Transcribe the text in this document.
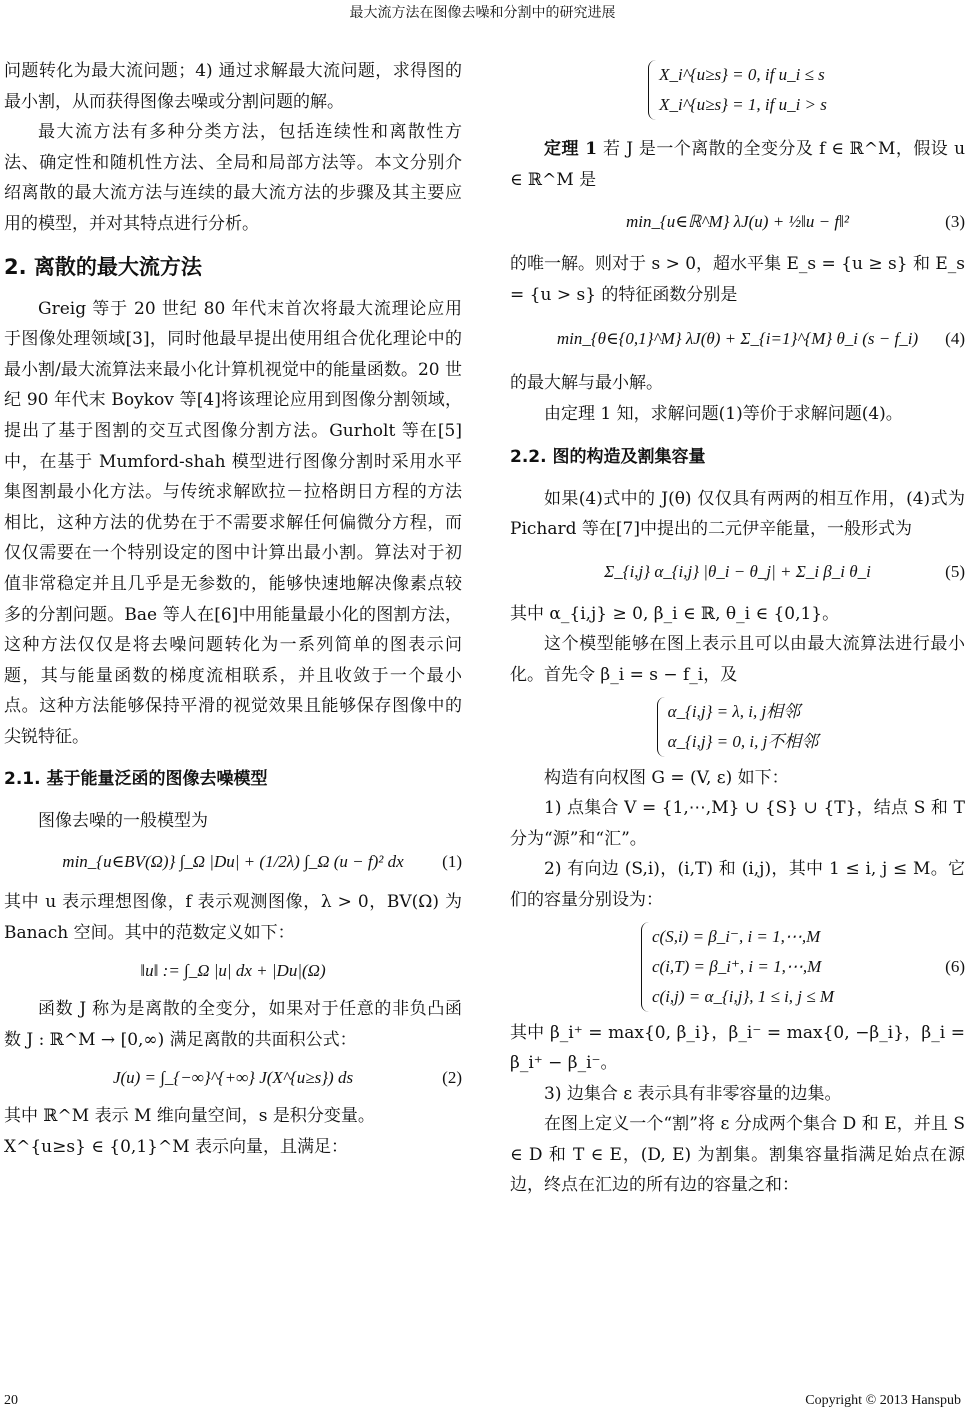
最大流方法在图像去噪和分割中的研究进展

问题转化为最大流问题；4) 通过求解最大流问题，求得图的最小割，从而获得图像去噪或分割问题的解。

最大流方法有多种分类方法，包括连续性和离散性方法、确定性和随机性方法、全局和局部方法等。本文分别介绍离散的最大流方法与连续的最大流方法的步骤及其主要应用的模型，并对其特点进行分析。

2. 离散的最大流方法

Greig 等于 20 世纪 80 年代末首次将最大流理论应用于图像处理领域[3]，同时他最早提出使用组合优化理论中的最小割/最大流算法来最小化计算机视觉中的能量函数。20 世纪 90 年代末 Boykov 等[4]将该理论应用到图像分割领域，提出了基于图割的交互式图像分割方法。Gurholt 等在[5]中，在基于 Mumford-shah 模型进行图像分割时采用水平集图割最小化方法。与传统求解欧拉－拉格朗日方程的方法相比，这种方法的优势在于不需要求解任何偏微分方程，而仅仅需要在一个特别设定的图中计算出最小割。算法对于初值非常稳定并且几乎是无参数的，能够快速地解决像素点较多的分割问题。Bae 等人在[6]中用能量最小化的图割方法，这种方法仅仅是将去噪问题转化为一系列简单的图表示问题，其与能量函数的梯度流相联系，并且收敛于一个最小点。这种方法能够保持平滑的视觉效果且能够保存图像中的尖锐特征。

2.1. 基于能量泛函的图像去噪模型

图像去噪的一般模型为

min_{u∈BV(Ω)} ∫_Ω |Du| + (1/2λ) ∫_Ω (u − f)² dx (1)

其中 u 表示理想图像，f 表示观测图像，λ > 0，BV(Ω) 为 Banach 空间。其中的范数定义如下：

‖u‖ := ∫_Ω |u| dx + |Du|(Ω)

函数 J 称为是离散的全变分，如果对于任意的非负凸函数 J : ℝ^M → [0,∞) 满足离散的共面积公式：

J(u) = ∫_{−∞}^{+∞} J(X^{u≥s}) ds	(2)

其中 ℝ^M 表示 M 维向量空间，s 是积分变量。

X^{u≥s} ∈ {0,1}^M 表示向量，且满足：

X_i^{u≥s} = 0, if u_i ≤ s
X_i^{u≥s} = 1, if u_i > s

定理 1 若 J 是一个离散的全变分及 f ∈ ℝ^M，假设 u ∈ ℝ^M 是

min_{u∈ℝ^M} λJ(u) + ½‖u − f‖²	(3)

的唯一解。则对于 s > 0，超水平集 E_s = {u ≥ s} 和 E_s = {u > s} 的特征函数分别是

min_{θ∈{0,1}^M} λJ(θ) + Σ_{i=1}^{M} θ_i (s − f_i) (4)

的最大解与最小解。

由定理 1 知，求解问题(1)等价于求解问题(4)。

2.2. 图的构造及割集容量

如果(4)式中的 J(θ) 仅仅具有两两的相互作用，(4)式为 Pichard 等在[7]中提出的二元伊辛能量，一般形式为

Σ_{i,j} α_{i,j} |θ_i − θ_j| + Σ_i β_i θ_i	(5)

其中 α_{i,j} ≥ 0, β_i ∈ ℝ, θ_i ∈ {0,1}。

这个模型能够在图上表示且可以由最大流算法进行最小化。首先令 β_i = s − f_i，及

α_{i,j} = λ, i, j相邻
α_{i,j} = 0, i, j不相邻

构造有向权图 G = (V, ε) 如下：

1) 点集合 V = {1,⋯,M} ∪ {S} ∪ {T}，结点 S 和 T 分为“源”和“汇”。

2) 有向边 (S,i)，(i,T) 和 (i,j)，其中 1 ≤ i, j ≤ M。它们的容量分别设为：

c(S,i) = β_i⁻, i = 1,⋯,M
c(i,T) = β_i⁺, i = 1,⋯,M
c(i,j) = α_{i,j}, 1 ≤ i, j ≤ M
(6)

其中 β_i⁺ = max{0, β_i}，β_i⁻ = max{0, −β_i}，β_i = β_i⁺ − β_i⁻。

3) 边集合 ε 表示具有非零容量的边集。

在图上定义一个“割”将 ε 分成两个集合 D 和 E，并且 S ∈ D 和 T ∈ E，(D, E) 为割集。割集容量指满足始点在源边，终点在汇边的所有边的容量之和：

20	Copyright © 2013 Hanspub
